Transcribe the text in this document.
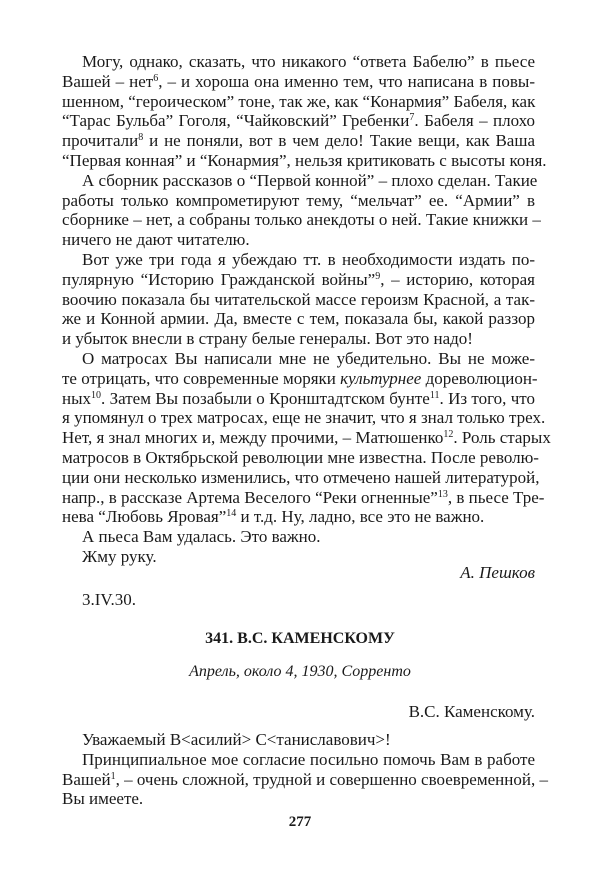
Могу, однако, сказать, что никакого “ответа Бабелю” в пьесе
Вашей – нет$^6$, – и хороша она именно тем, что написана в повы-
шенном, “героическом” тоне, так же, как “Конармия” Бабеля, как
“Тарас Бульба” Гоголя, “Чайковский” Гребенки$^7$. Бабеля – плохо
прочитали$^8$ и не поняли, вот в чем дело! Такие вещи, как Ваша
“Первая конная” и “Конармия”, нельзя критиковать с высоты коня.
А сборник рассказов о “Первой конной” – плохо сделан. Такие
работы только компрометируют тему, “мельчат” ее. “Армии” в
сборнике – нет, а собраны только анекдоты о ней. Такие книжки –
ничего не дают читателю.
Вот уже три года я убеждаю тт. в необходимости издать по-
пулярную “Историю Гражданской войны”$^9$, – историю, которая
воочию показала бы читательской массе героизм Красной, а так-
же и Конной армии. Да, вместе с тем, показала бы, какой раззор
и убыток внесли в страну белые генералы. Вот это надо!
О матросах Вы написали мне не убедительно. Вы не може-
те отрицать, что современные моряки культурнее дореволюцион-
ных$^{10}$. Затем Вы позабыли о Кронштадтском бунте$^{11}$. Из того, что
я упомянул о трех матросах, еще не значит, что я знал только трех.
Нет, я знал многих и, между прочими, – Матюшенко$^{12}$. Роль старых
матросов в Октябрьской революции мне известна. После револю-
ции они несколько изменились, что отмечено нашей литературой,
напр., в рассказе Артема Веселого “Реки огненные”$^{13}$, в пьесе Тре-
нева “Любовь Яровая”$^{14}$ и т.д. Ну, ладно, все это не важно.
А пьеса Вам удалась. Это важно.
Жму руку.
А. Пешков
3.IV.30.
341. В.С. КАМЕНСКОМУ
Апрель, около 4, 1930, Сорренто
В.С. Каменскому.
Уважаемый В<асилий> С<таниславович>!
Принципиальное мое согласие посильно помочь Вам в работе
Вашей$^1$, – очень сложной, трудной и совершенно своевременной, –
Вы имеете.
277
